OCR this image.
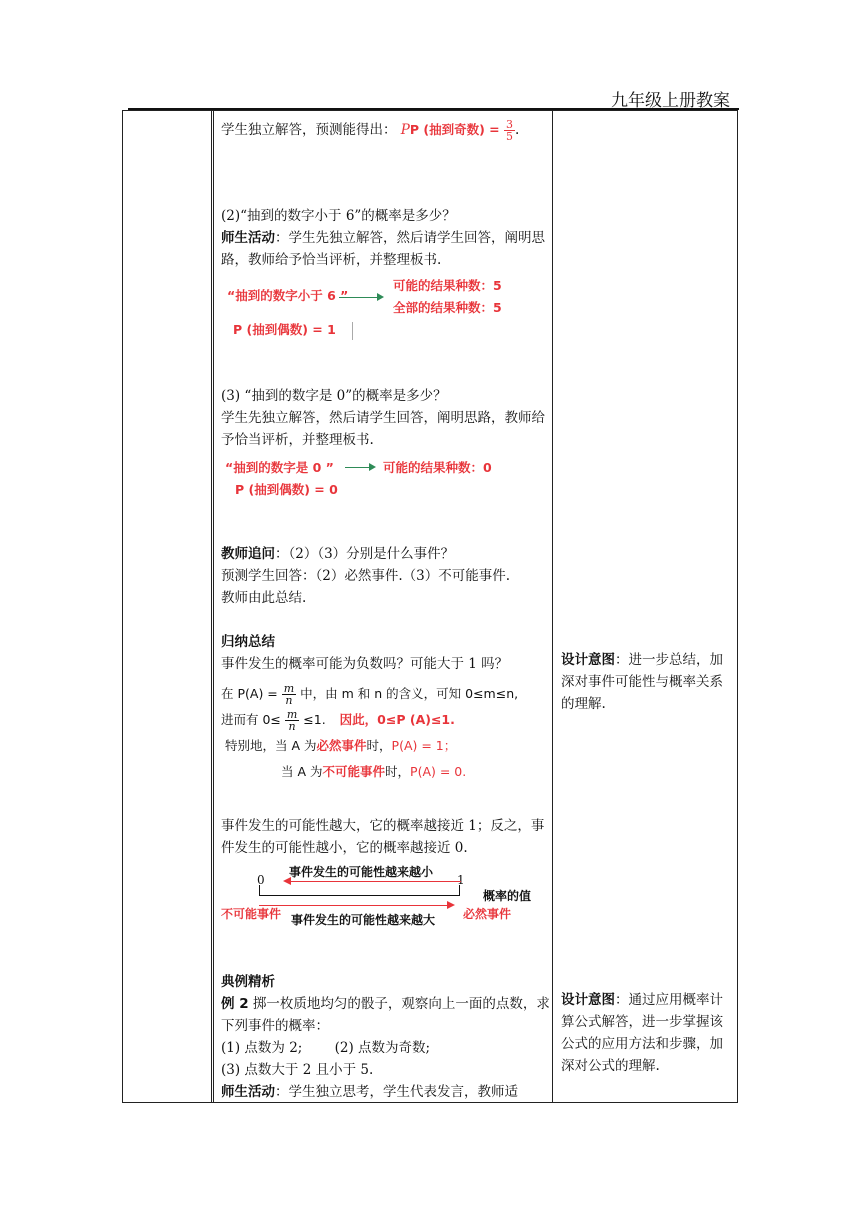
九年级上册教案
学生独立解答，预测能得出： PP (抽到奇数) = $\frac{3}{5}$ .
(2)“抽到的数字小于 6”的概率是多少？
师生活动：学生先独立解答，然后请学生回答，阐明思路，教师给予恰当评析，并整理板书.
“抽到的数字小于 6 ”
可能的结果种数：5
全部的结果种数：5
P (抽到偶数) = 1
(3) “抽到的数字是 0”的概率是多少？
学生先独立解答，然后请学生回答，阐明思路，教师给予恰当评析，并整理板书.
“抽到的数字是 0 ”	可能的结果种数：0
P (抽到偶数) = 0
教师追问：（2）（3）分别是什么事件？
预测学生回答：（2）必然事件.（3）不可能事件.
教师由此总结.
归纳总结
事件发生的概率可能为负数吗？可能大于 1 吗？
在 $P(A) = \frac{m}{n}$ 中，由 m 和 n 的含义，可知 0≤m≤n,
进而有 $0\le \frac{m}{n} \le 1$. 因此，0≤P (A)≤1.
特别地，当 A 为必然事件时，P(A) = 1；
当 A 为不可能事件时，P(A) = 0.
事件发生的可能性越大，它的概率越接近 1；反之，事件发生的可能性越小，它的概率越接近 0.
0	1
事件发生的可能性越来越小
概率的值
不可能事件 事件发生的可能性越来越大 必然事件
典例精析
例 2 掷一枚质地均匀的骰子，观察向上一面的点数，求下列事件的概率：
(1) 点数为 2; (2) 点数为奇数;
(3) 点数大于 2 且小于 5.
师生活动：学生独立思考，学生代表发言，教师适
设计意图：进一步总结，加深对事件可能性与概率关系的理解.
设计意图：通过应用概率计算公式解答，进一步掌握该公式的应用方法和步骤，加深对公式的理解.
